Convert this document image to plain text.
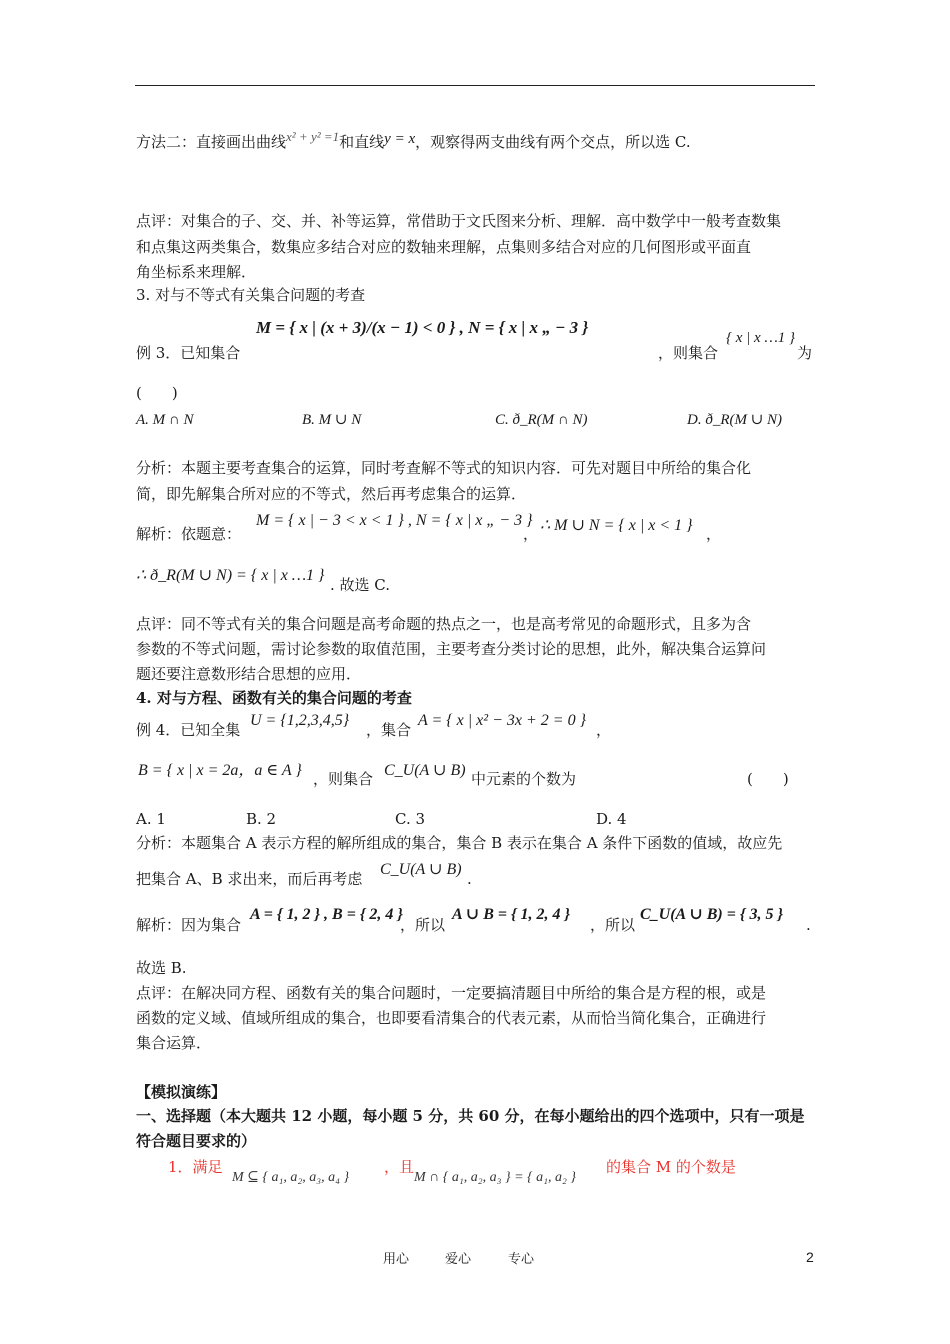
方法二：直接画出曲线x² + y² =1和直线y = x，观察得两支曲线有两个交点，所以选 C.
点评：对集合的子、交、并、补等运算，常借助于文氏图来分析、理解．高中数学中一般考查数集
和点集这两类集合，数集应多结合对应的数轴来理解，点集则多结合对应的几何图形或平面直
角坐标系来理解．
3. 对与不等式有关集合问题的考查
例 3．已知集合
M = { x | (x + 3)/(x − 1) < 0 } , N = { x | x „ − 3 }
，则集合
{ x | x …1 }
为
(　　)
A. M ∩ N	B. M ∪ N	C. ð_R(M ∩ N)	D. ð_R(M ∪ N)
分析：本题主要考查集合的运算，同时考查解不等式的知识内容．可先对题目中所给的集合化
简，即先解集合所对应的不等式，然后再考虑集合的运算．
解析：依题意：
M = { x | − 3 < x < 1 } , N = { x | x „ − 3 }
， ∴ M ∪ N = { x | x < 1 } ，
∴ ð_R(M ∪ N) = { x | x …1 }
. 故选 C.
点评：同不等式有关的集合问题是高考命题的热点之一，也是高考常见的命题形式，且多为含
参数的不等式问题，需讨论参数的取值范围，主要考查分类讨论的思想，此外，解决集合运算问
题还要注意数形结合思想的应用．
4. 对与方程、函数有关的集合问题的考查
例 4．已知全集
U = {1,2,3,4,5}
，集合
A = { x | x² − 3x + 2 = 0 }
，
B = { x | x = 2a，a ∈ A } ，则集合 C_U(A ∪ B) 中元素的个数为	(　　)
A. 1	B. 2	C. 3	D. 4
分析：本题集合 A 表示方程的解所组成的集合，集合 B 表示在集合 A 条件下函数的值域，故应先
把集合 A、B 求出来，而后再考虑
C_U(A ∪ B)
.
解析：因为集合
A = { 1, 2 } , B = { 2, 4 }
，所以
A ∪ B = { 1, 2, 4 }
，所以
C_U(A ∪ B) = { 3, 5 }
.
故选 B.
点评：在解决同方程、函数有关的集合问题时，一定要搞清题目中所给的集合是方程的根，或是
函数的定义域、值域所组成的集合，也即要看清集合的代表元素，从而恰当简化集合，正确进行
集合运算．
【模拟演练】
一、选择题（本大题共 12 小题，每小题 5 分，共 60 分，在每小题给出的四个选项中，只有一项是
符合题目要求的）
1．满足
M ⊆ { a₁, a₂, a₃, a₄ }
，且
M ∩ { a₁, a₂, a₃ } = { a₁, a₂ }
的集合 M 的个数是
用心	爱心	专心	2
